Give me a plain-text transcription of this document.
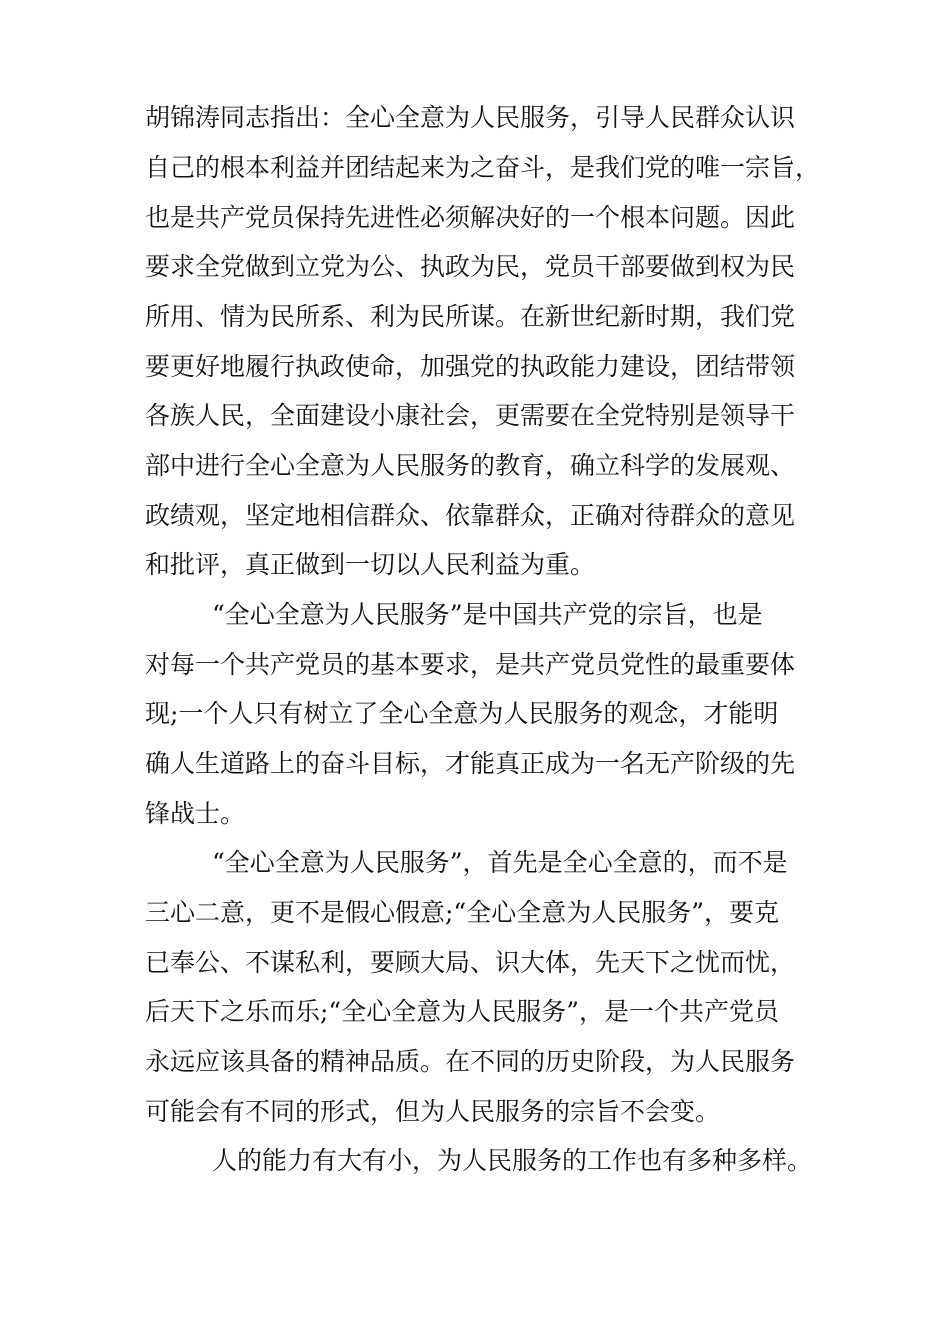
胡锦涛同志指出：全心全意为人民服务，引导人民群众认识
自己的根本利益并团结起来为之奋斗，是我们党的唯一宗旨，
也是共产党员保持先进性必须解决好的一个根本问题。因此
要求全党做到立党为公、执政为民，党员干部要做到权为民
所用、情为民所系、利为民所谋。在新世纪新时期，我们党
要更好地履行执政使命，加强党的执政能力建设，团结带领
各族人民，全面建设小康社会，更需要在全党特别是领导干
部中进行全心全意为人民服务的教育，确立科学的发展观、
政绩观，坚定地相信群众、依靠群众，正确对待群众的意见
和批评，真正做到一切以人民利益为重。
“全心全意为人民服务”是中国共产党的宗旨，也是
对每一个共产党员的基本要求，是共产党员党性的最重要体
现;一个人只有树立了全心全意为人民服务的观念，才能明
确人生道路上的奋斗目标，才能真正成为一名无产阶级的先
锋战士。
“全心全意为人民服务”，首先是全心全意的，而不是
三心二意，更不是假心假意;“全心全意为人民服务”，要克
已奉公、不谋私利，要顾大局、识大体，先天下之忧而忧，
后天下之乐而乐;“全心全意为人民服务”，是一个共产党员
永远应该具备的精神品质。在不同的历史阶段，为人民服务
可能会有不同的形式，但为人民服务的宗旨不会变。
人的能力有大有小，为人民服务的工作也有多种多样。
